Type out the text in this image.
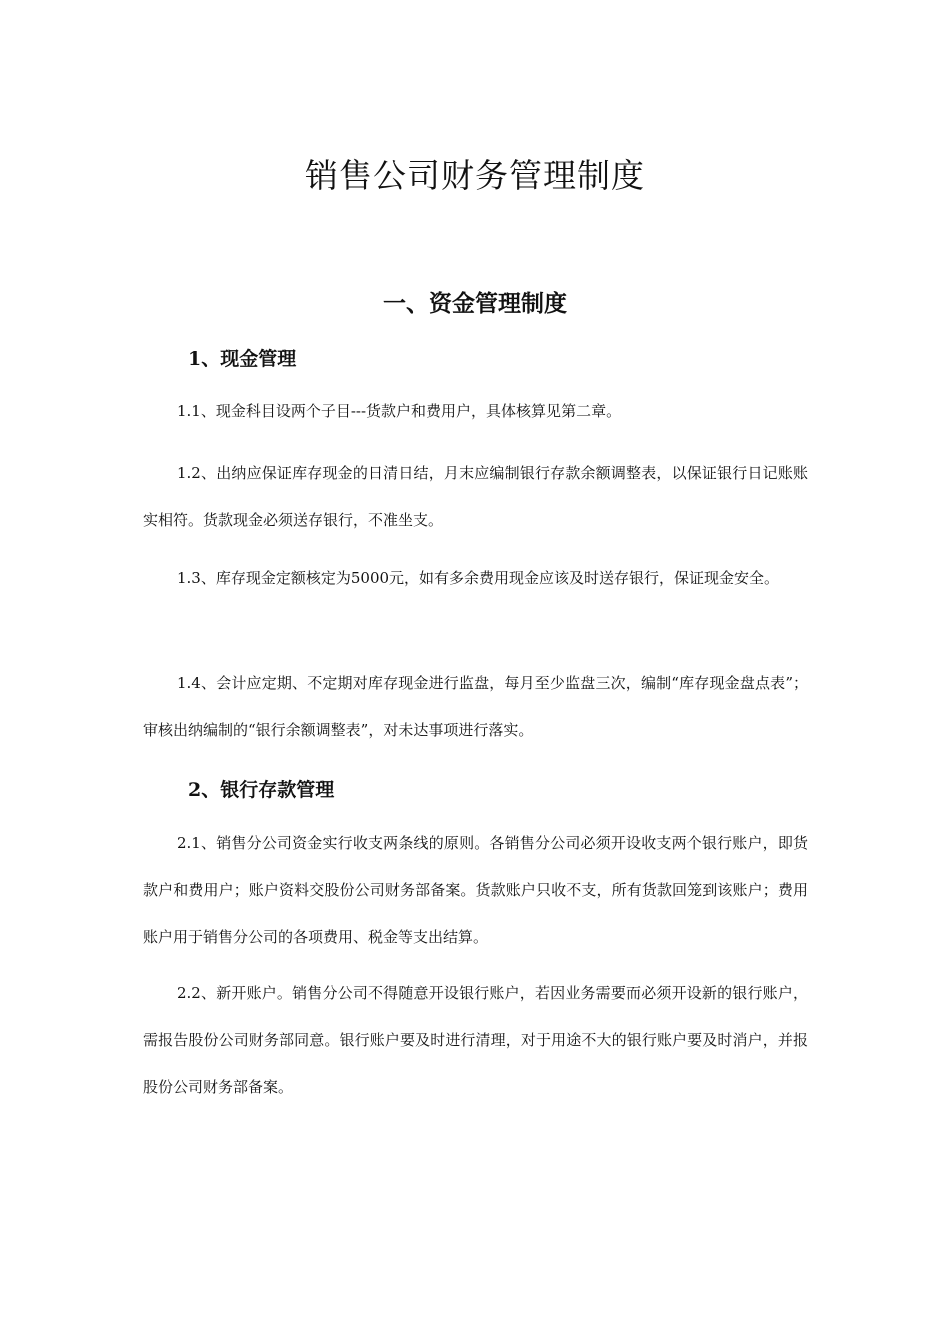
销售公司财务管理制度
一、资金管理制度
1、现金管理

1.1、现金科目设两个子目---货款户和费用户，具体核算见第二章。

1.2、出纳应保证库存现金的日清日结，月末应编制银行存款余额调整表，以保证银行日记账账实相符。货款现金必须送存银行，不准坐支。

1.3、库存现金定额核定为5000元，如有多余费用现金应该及时送存银行，保证现金安全。

1.4、会计应定期、不定期对库存现金进行监盘，每月至少监盘三次，编制“库存现金盘点表”；审核出纳编制的“银行余额调整表”，对未达事项进行落实。

2、银行存款管理

2.1、销售分公司资金实行收支两条线的原则。各销售分公司必须开设收支两个银行账户，即货款户和费用户；账户资料交股份公司财务部备案。货款账户只收不支，所有货款回笼到该账户；费用账户用于销售分公司的各项费用、税金等支出结算。

2.2、新开账户。销售分公司不得随意开设银行账户，若因业务需要而必须开设新的银行账户，需报告股份公司财务部同意。银行账户要及时进行清理，对于用途不大的银行账户要及时消户，并报股份公司财务部备案。
